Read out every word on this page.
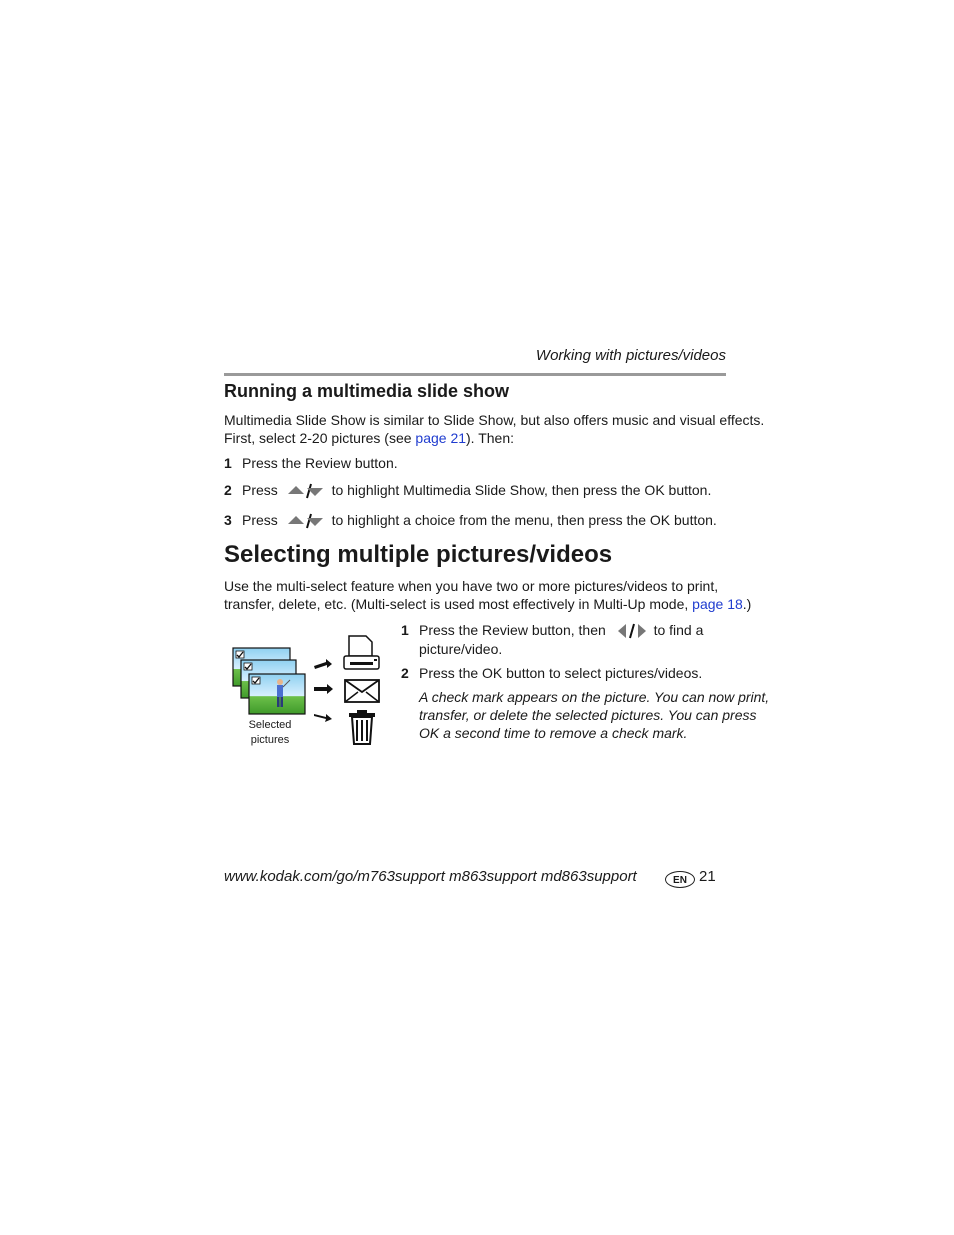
Working with pictures/videos
Running a multimedia slide show
Multimedia Slide Show is similar to Slide Show, but also offers music and visual effects.
First, select 2-20 pictures (see page 21). Then:
1 Press the Review button.
2 Press	to highlight Multimedia Slide Show, then press the OK button.
3 Press	to highlight a choice from the menu, then press the OK button.
Selecting multiple pictures/videos
Use the multi-select feature when you have two or more pictures/videos to print,
transfer, delete, etc. (Multi-select is used most effectively in Multi-Up mode, page 18.)
Selected
pictures
1 Press the Review button, then	to find a
picture/video.
2 Press the OK button to select pictures/videos.
A check mark appears on the picture. You can now print,
transfer, or delete the selected pictures. You can press
OK a second time to remove a check mark.
www.kodak.com/go/m763support m863support md863support	EN 21
